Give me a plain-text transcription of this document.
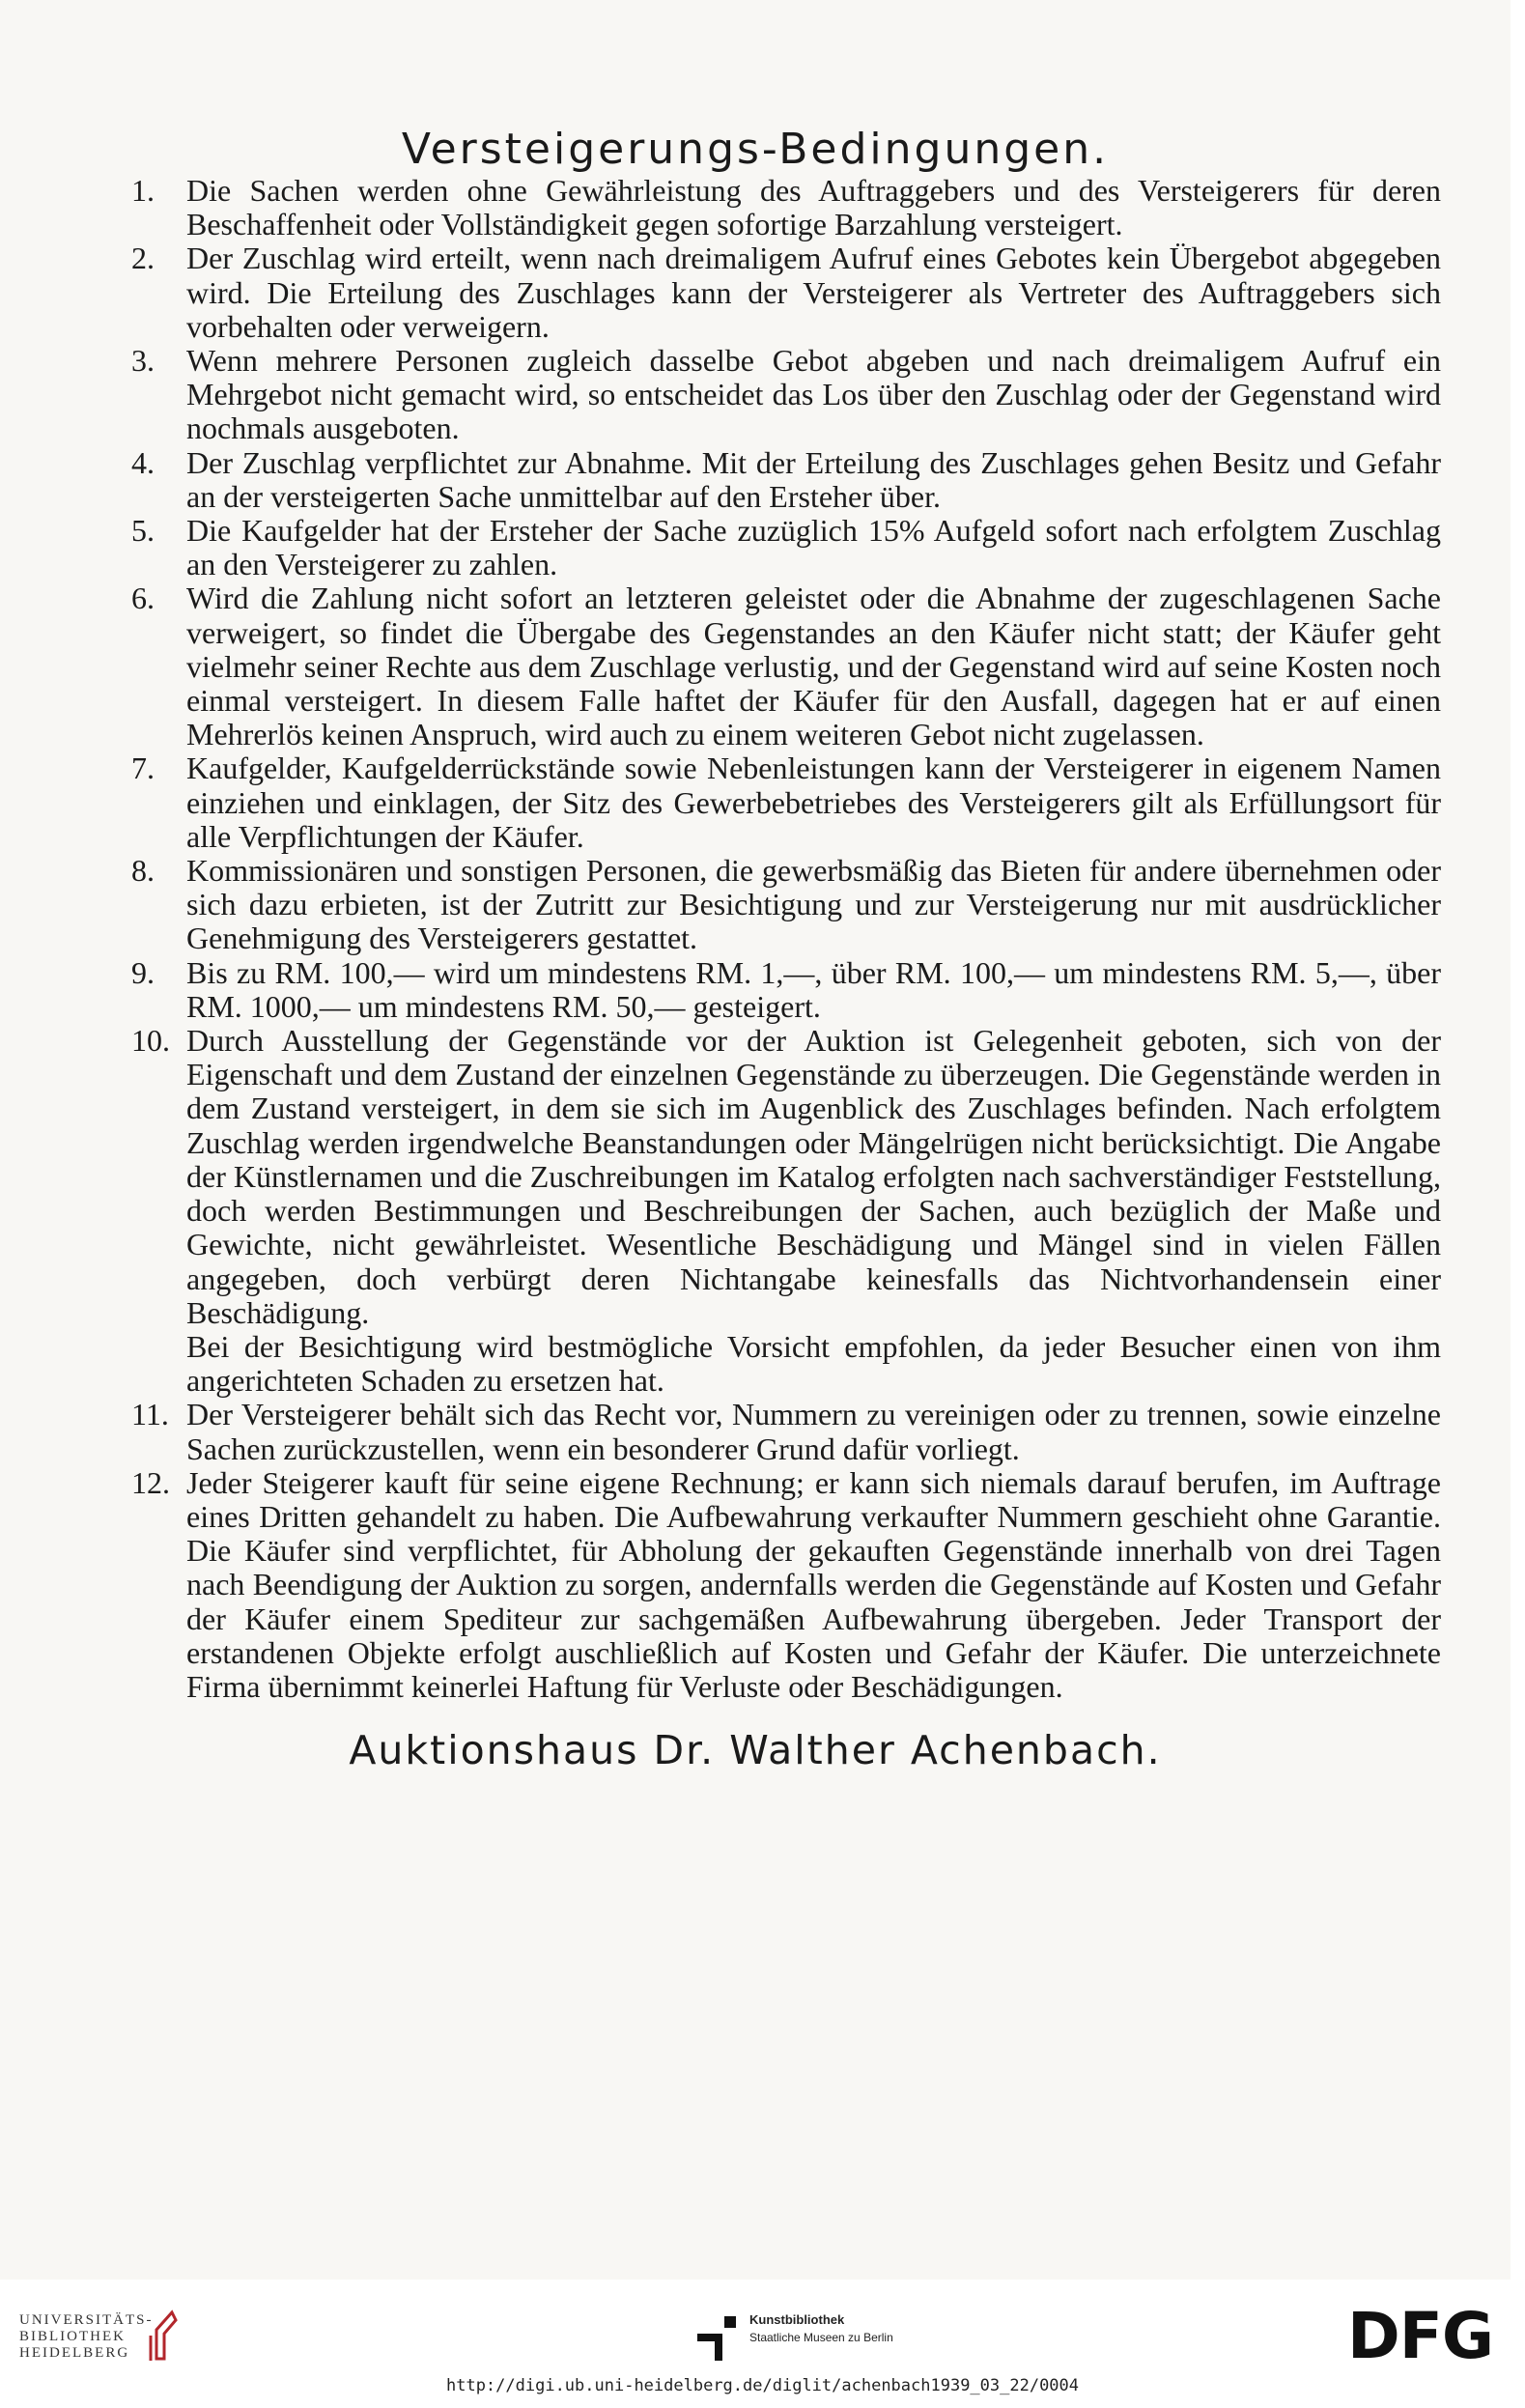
Versteigerungs-Bedingungen.
1.	Die Sachen werden ohne Gewährleistung des Auftraggebers und des Versteigerers für deren Beschaffenheit oder Vollständigkeit gegen sofortige Barzahlung versteigert.
2.	Der Zuschlag wird erteilt, wenn nach dreimaligem Aufruf eines Gebotes kein Übergebot abgegeben wird. Die Erteilung des Zuschlages kann der Versteigerer als Vertreter des Auftraggebers sich vorbehalten oder verweigern.
3.	Wenn mehrere Personen zugleich dasselbe Gebot abgeben und nach dreimaligem Aufruf ein Mehrgebot nicht gemacht wird, so entscheidet das Los über den Zuschlag oder der Gegenstand wird nochmals ausgeboten.
4.	Der Zuschlag verpflichtet zur Abnahme. Mit der Erteilung des Zuschlages gehen Besitz und Gefahr an der versteigerten Sache unmittelbar auf den Ersteher über.
5.	Die Kaufgelder hat der Ersteher der Sache zuzüglich 15% Aufgeld sofort nach erfolgtem Zuschlag an den Versteigerer zu zahlen.
6.	Wird die Zahlung nicht sofort an letzteren geleistet oder die Abnahme der zugeschlagenen Sache verweigert, so findet die Übergabe des Gegenstandes an den Käufer nicht statt; der Käufer geht vielmehr seiner Rechte aus dem Zuschlage verlustig, und der Gegenstand wird auf seine Kosten noch einmal versteigert. In diesem Falle haftet der Käufer für den Ausfall, dagegen hat er auf einen Mehrerlös keinen Anspruch, wird auch zu einem weiteren Gebot nicht zugelassen.
7.	Kaufgelder, Kaufgelderrückstände sowie Nebenleistungen kann der Versteigerer in eigenem Namen einziehen und einklagen, der Sitz des Gewerbebetriebes des Versteigerers gilt als Erfüllungsort für alle Verpflichtungen der Käufer.
8.	Kommissionären und sonstigen Personen, die gewerbsmäßig das Bieten für andere übernehmen oder sich dazu erbieten, ist der Zutritt zur Besichtigung und zur Versteigerung nur mit ausdrücklicher Genehmigung des Versteigerers gestattet.
9.	Bis zu RM. 100,— wird um mindestens RM. 1,—, über RM. 100,— um mindestens RM. 5,—, über RM. 1000,— um mindestens RM. 50,— gesteigert.
10. Durch Ausstellung der Gegenstände vor der Auktion ist Gelegenheit geboten, sich von der Eigenschaft und dem Zustand der einzelnen Gegenstände zu überzeugen. Die Gegenstände werden in dem Zustand versteigert, in dem sie sich im Augenblick des Zuschlages befinden. Nach erfolgtem Zuschlag werden irgendwelche Beanstandungen oder Mängelrügen nicht berücksichtigt. Die Angabe der Künstlernamen und die Zuschreibungen im Katalog erfolgten nach sachverständiger Feststellung, doch werden Bestimmungen und Beschreibungen der Sachen, auch bezüglich der Maße und Gewichte, nicht gewährleistet. Wesentliche Beschädigung und Mängel sind in vielen Fällen angegeben, doch verbürgt deren Nichtangabe keinesfalls das Nichtvorhandensein einer Beschädigung.
Bei der Besichtigung wird bestmögliche Vorsicht empfohlen, da jeder Besucher einen von ihm angerichteten Schaden zu ersetzen hat.
11. Der Versteigerer behält sich das Recht vor, Nummern zu vereinigen oder zu trennen, sowie einzelne Sachen zurückzustellen, wenn ein besonderer Grund dafür vorliegt.
12. Jeder Steigerer kauft für seine eigene Rechnung; er kann sich niemals darauf berufen, im Auftrage eines Dritten gehandelt zu haben. Die Aufbewahrung verkaufter Nummern geschieht ohne Garantie. Die Käufer sind verpflichtet, für Abholung der gekauften Gegenstände innerhalb von drei Tagen nach Beendigung der Auktion zu sorgen, andernfalls werden die Gegenstände auf Kosten und Gefahr der Käufer einem Spediteur zur sachgemäßen Aufbewahrung übergeben. Jeder Transport der erstandenen Objekte erfolgt auschließlich auf Kosten und Gefahr der Käufer. Die unterzeichnete Firma übernimmt keinerlei Haftung für Verluste oder Beschädigungen.
Auktionshaus Dr. Walther Achenbach.
UNIVERSITÄTS-
BIBLIOTHEK
HEIDELBERG
Kunstbibliothek
Staatliche Museen zu Berlin	DFG
http://digi.ub.uni-heidelberg.de/diglit/achenbach1939_03_22/0004
